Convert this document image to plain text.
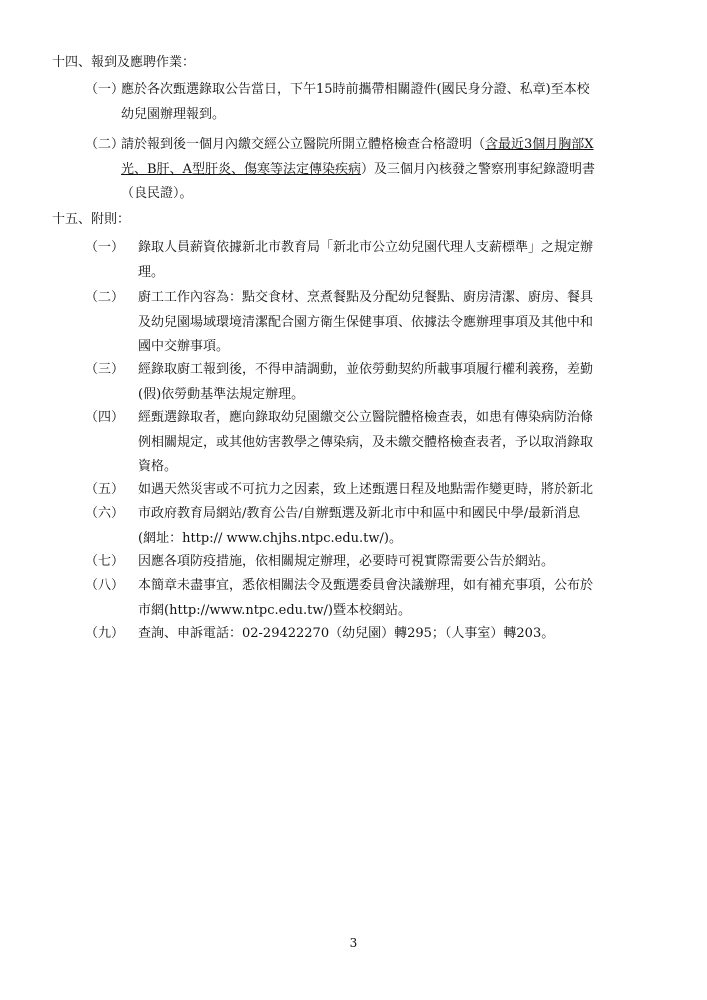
十四、報到及應聘作業：
（一）
應於各次甄選錄取公告當日，下午15時前攜帶相關證件(國民身分證、私章)至本校
幼兒園辦理報到。
（二）
請於報到後一個月內繳交經公立醫院所開立體格檢查合格證明（含最近3個月胸部X
光、B肝、A型肝炎、傷寒等法定傳染疾病）及三個月內核發之警察刑事紀錄證明書
（良民證）。
十五、附則：
（一） 錄取人員薪資依據新北市教育局「新北市公立幼兒園代理人支薪標準」之規定辦
理。
（二） 廚工工作內容為：點交食材、烹煮餐點及分配幼兒餐點、廚房清潔、廚房、餐具
及幼兒園場域環境清潔配合園方衛生保健事項、依據法令應辦理事項及其他中和
國中交辦事項。
（三） 經錄取廚工報到後，不得申請調動，並依勞動契約所載事項履行權利義務，差勤
(假)依勞動基準法規定辦理。
（四） 經甄選錄取者，應向錄取幼兒園繳交公立醫院體格檢查表，如患有傳染病防治條
例相關規定，或其他妨害教學之傳染病，及未繳交體格檢查表者，予以取消錄取
資格。
（五） 如遇天然災害或不可抗力之因素，致上述甄選日程及地點需作變更時，將於新北
（六） 市政府教育局網站/教育公告/自辦甄選及新北市中和區中和國民中學/最新消息
(網址：http:// www.chjhs.ntpc.edu.tw/)。
（七） 因應各項防疫措施，依相關規定辦理，必要時可視實際需要公告於網站。
（八） 本簡章未盡事宜，悉依相關法令及甄選委員會決議辦理，如有補充事項，公布於
市網(http://www.ntpc.edu.tw/)暨本校網站。
（九） 查詢、申訴電話：02-29422270（幼兒園）轉295；（人事室）轉203。
3
